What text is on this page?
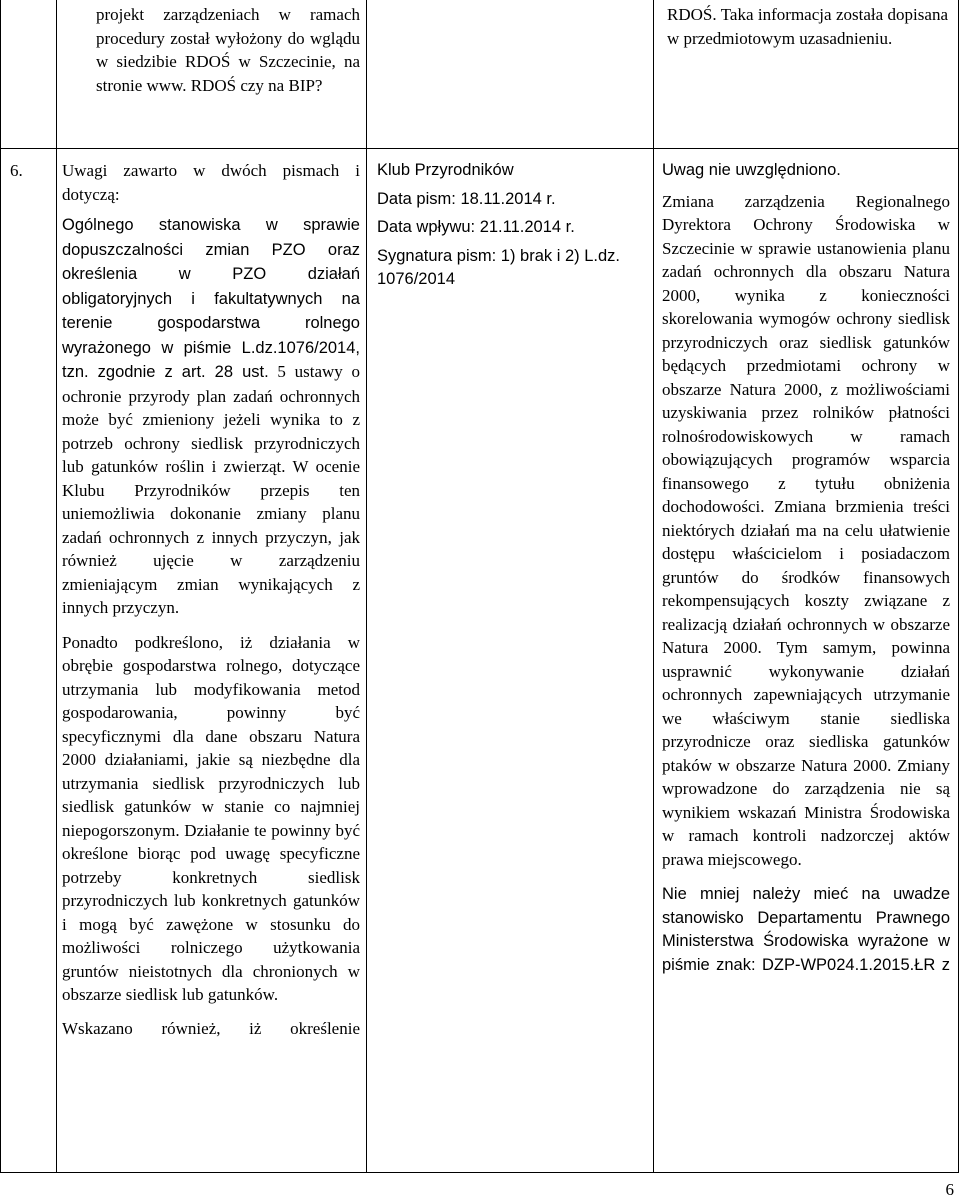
projekt zarządzeniach w ramach procedury został wyłożony do wglądu w siedzibie RDOŚ w Szczecinie, na stronie www. RDOŚ czy na BIP?

RDOŚ. Taka informacja została dopisana w przedmiotowym uzasadnieniu.

6. Uwagi zawarto w dwóch pismach i dotyczą:

Ogólnego stanowiska w sprawie dopuszczalności zmian PZO oraz określenia w PZO działań obligatoryjnych i fakultatywnych na terenie gospodarstwa rolnego wyrażonego w piśmie L.dz.1076/2014, tzn. zgodnie z art. 28 ust. 5 ustawy o ochronie przyrody plan zadań ochronnych może być zmieniony jeżeli wynika to z potrzeb ochrony siedlisk przyrodniczych lub gatunków roślin i zwierząt. W ocenie Klubu Przyrodników przepis ten uniemożliwia dokonanie zmiany planu zadań ochronnych z innych przyczyn, jak również ujęcie w zarządzeniu zmieniającym zmian wynikających z innych przyczyn.

Ponadto podkreślono, iż działania w obrębie gospodarstwa rolnego, dotyczące utrzymania lub modyfikowania metod gospodarowania, powinny być specyficznymi dla dane obszaru Natura 2000 działaniami, jakie są niezbędne dla utrzymania siedlisk przyrodniczych lub siedlisk gatunków w stanie co najmniej niepogorszonym. Działanie te powinny być określone biorąc pod uwagę specyficzne potrzeby konkretnych siedlisk przyrodniczych lub konkretnych gatunków i mogą być zawężone w stosunku do możliwości rolniczego użytkowania gruntów nieistotnych dla chronionych w obszarze siedlisk lub gatunków.

Wskazano również, iż określenie

Klub Przyrodników

Data pism: 18.11.2014 r.

Data wpływu: 21.11.2014 r.

Sygnatura pism: 1) brak i 2) L.dz. 1076/2014

Uwag nie uwzględniono.

Zmiana zarządzenia Regionalnego Dyrektora Ochrony Środowiska w Szczecinie w sprawie ustanowienia planu zadań ochronnych dla obszaru Natura 2000, wynika z konieczności skorelowania wymogów ochrony siedlisk przyrodniczych oraz siedlisk gatunków będących przedmiotami ochrony w obszarze Natura 2000, z możliwościami uzyskiwania przez rolników płatności rolnośrodowiskowych w ramach obowiązujących programów wsparcia finansowego z tytułu obniżenia dochodowości. Zmiana brzmienia treści niektórych działań ma na celu ułatwienie dostępu właścicielom i posiadaczom gruntów do środków finansowych rekompensujących koszty związane z realizacją działań ochronnych w obszarze Natura 2000. Tym samym, powinna usprawnić wykonywanie działań ochronnych zapewniających utrzymanie we właściwym stanie siedliska przyrodnicze oraz siedliska gatunków ptaków w obszarze Natura 2000. Zmiany wprowadzone do zarządzenia nie są wynikiem wskazań Ministra Środowiska w ramach kontroli nadzorczej aktów prawa miejscowego.

Nie mniej należy mieć na uwadze stanowisko Departamentu Prawnego Ministerstwa Środowiska wyrażone w piśmie znak: DZP-WP024.1.2015.ŁR z

6
